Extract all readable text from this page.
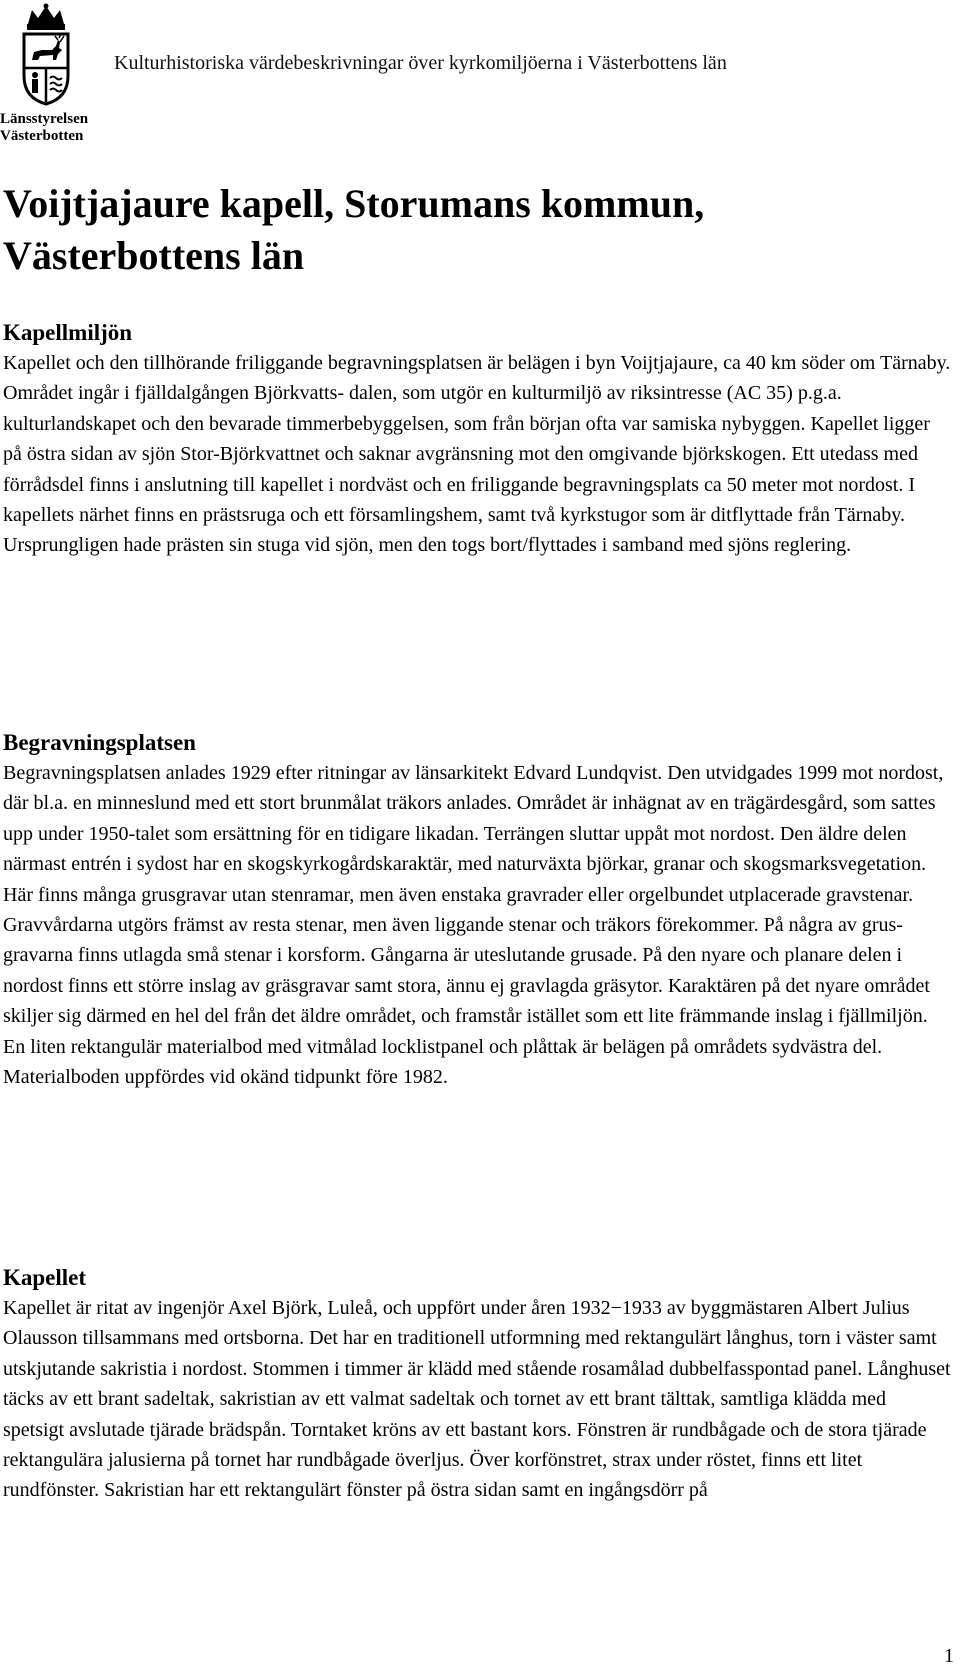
Länsstyrelsen
Västerbotten
Kulturhistoriska värdebeskrivningar över kyrkomiljöerna i Västerbottens län
Voijtjajaure kapell, Storumans kommun, Västerbottens län
Kapellmiljön

Kapellet och den tillhörande friliggande begravningsplatsen är belägen i byn Voijtjajaure, ca 40 km söder om Tärnaby. Området ingår i fjälldalgången Björkvatts- dalen, som utgör en kulturmiljö av riksintresse (AC 35) p.g.a. kulturlandskapet och den bevarade timmerbebyggelsen, som från början ofta var samiska nybyggen. Kapellet ligger på östra sidan av sjön Stor-Björkvattnet och saknar avgränsning mot den omgivande björkskogen. Ett utedass med förrådsdel finns i anslutning till kapellet i nordväst och en friliggande begravningsplats ca 50 meter mot nordost. I kapellets närhet finns en prästsruga och ett församlingshem, samt två kyrkstugor som är ditflyttade från Tärnaby. Ursprungligen hade prästen sin stuga vid sjön, men den togs bort/flyttades i samband med sjöns reglering.

Begravningsplatsen

Begravningsplatsen anlades 1929 efter ritningar av länsarkitekt Edvard Lundqvist. Den utvidgades 1999 mot nordost, där bl.a. en minneslund med ett stort brunmålat träkors anlades. Området är inhägnat av en trägärdesgård, som sattes upp under 1950-talet som ersättning för en tidigare likadan. Terrängen sluttar uppåt mot nordost. Den äldre delen närmast entrén i sydost har en skogskyrkogårdskaraktär, med naturväxta björkar, granar och skogsmarksvegetation. Här finns många grusgravar utan stenramar, men även enstaka gravrader eller orgelbundet utplacerade gravstenar. Gravvårdarna utgörs främst av resta stenar, men även liggande stenar och träkors förekommer. På några av grus- gravarna finns utlagda små stenar i korsform. Gångarna är uteslutande grusade. På den nyare och planare delen i nordost finns ett större inslag av gräsgravar samt stora, ännu ej gravlagda gräsytor. Karaktären på det nyare området skiljer sig därmed en hel del från det äldre området, och framstår istället som ett lite främmande inslag i fjällmiljön. En liten rektangulär materialbod med vitmålad locklistpanel och plåttak är belägen på områdets sydvästra del. Materialboden uppfördes vid okänd tidpunkt före 1982.

Kapellet

Kapellet är ritat av ingenjör Axel Björk, Luleå, och uppfört under åren 1932−1933 av byggmästaren Albert Julius Olausson tillsammans med ortsborna. Det har en traditionell utformning med rektangulärt långhus, torn i väster samt utskjutande sakristia i nordost. Stommen i timmer är klädd med stående rosamålad dubbelfasspontad panel. Långhuset täcks av ett brant sadeltak, sakristian av ett valmat sadeltak och tornet av ett brant tälttak, samtliga klädda med spetsigt avslutade tjärade brädspån. Torntaket kröns av ett bastant kors. Fönstren är rundbågade och de stora tjärade rektangulära jalusierna på tornet har rundbågade överljus. Över korfönstret, strax under röstet, finns ett litet rundfönster. Sakristian har ett rektangulärt fönster på östra sidan samt en ingångsdörr på

1
